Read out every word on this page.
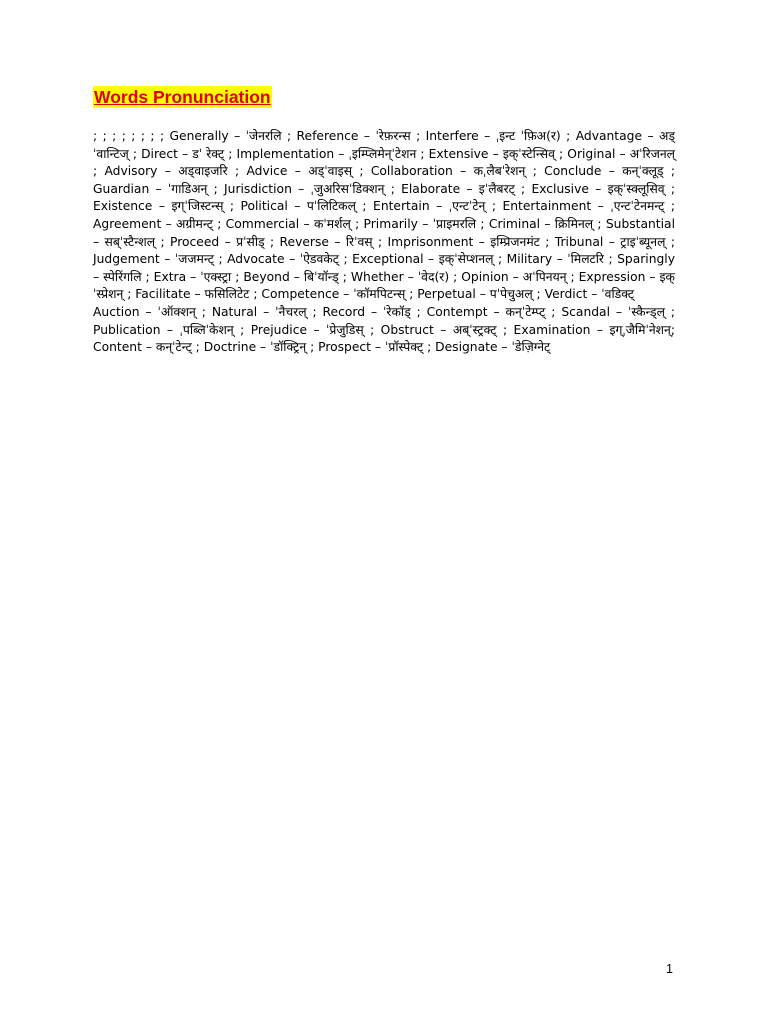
Words Pronunciation

; ; ; ; ; ; ; ; Generally – ˈजेनरलि ; Reference – ˈरेफ़रन्स ; Interfere – ˌइन्ट ˈफ़िअ(र) ; Advantage – अड्ˈवान्टिज् ; Direct – डˈ रेक्ट् ; Implementation – ˌइम्प्लिमेन्ˈटेशन ; Extensive – इक्ˈस्टेन्सिव् ; Original – अˈरिजनल् ; Advisory – अड्वाइजरि ; Advice – अड्ˈवाइस् ; Collaboration – कˌलैबˈरेशन् ; Conclude – कन्ˈक्लूड् ; Guardian – ˈगाडिअन् ; Jurisdiction – ˌजुअरिसˈडिक्शन् ; Elaborate – इˈलैबरट् ; Exclusive – इक्ˈस्क्लूसिव् ; Existence – इग्ˈजिस्टन्स् ; Political – पˈलिटिकल् ; Entertain – ˌएन्टˈटेन् ; Entertainment – ˌएन्टˈटेनमन्ट् ; Agreement – अग्रीमन्ट् ; Commercial – कˈमर्शल् ; Primarily – ˈप्राइमरलि ; Criminal – क्रिमिनल् ; Substantial – सब्ˈस्टैन्शल् ; Proceed – प्रˈसीड् ; Reverse – रिˈवस् ; Imprisonment – इम्प्रिजनमंट ; Tribunal – ट्राइˈब्यूनल् ; Judgement – ˈजजमन्ट् ; Advocate – ˈऐडवकेट् ; Exceptional – इक्ˈसेप्शनल् ; Military – ˈमिलटरि ; Sparingly – स्पेरिंगलि ; Extra – ˈएक्स्ट्रा ; Beyond – बिˈयॉन्ड् ; Whether – ˈवेद(र) ; Opinion – अˈपिनयन् ; Expression – इक्ˈस्प्रेशन् ; Facilitate – फसिलिटेट ; Competence – ˈकॉमपिटन्स् ; Perpetual – पˈपेचुअल् ; Verdict – ˈवडिक्ट्

Auction – ˈऑक्शन् ; Natural – ˈनैचरल् ; Record – ˈरेकॉड् ; Contempt – कन्ˈटेम्प्ट् ; Scandal – ˈस्कैन्ड्ल् ; Publication – ˌपब्लिˈकेशन् ; Prejudice – ˈप्रेजुडिस् ; Obstruct – अब्ˈस्ट्रक्ट् ; Examination – इग्ˌजैमिˈनेशन्; Content – कन्ˈटेन्ट् ; Doctrine – ˈडॉक्ट्रिन् ; Prospect – ˈप्रॉस्पेक्ट् ; Designate – ˈडेज़िग्नेट्

1
